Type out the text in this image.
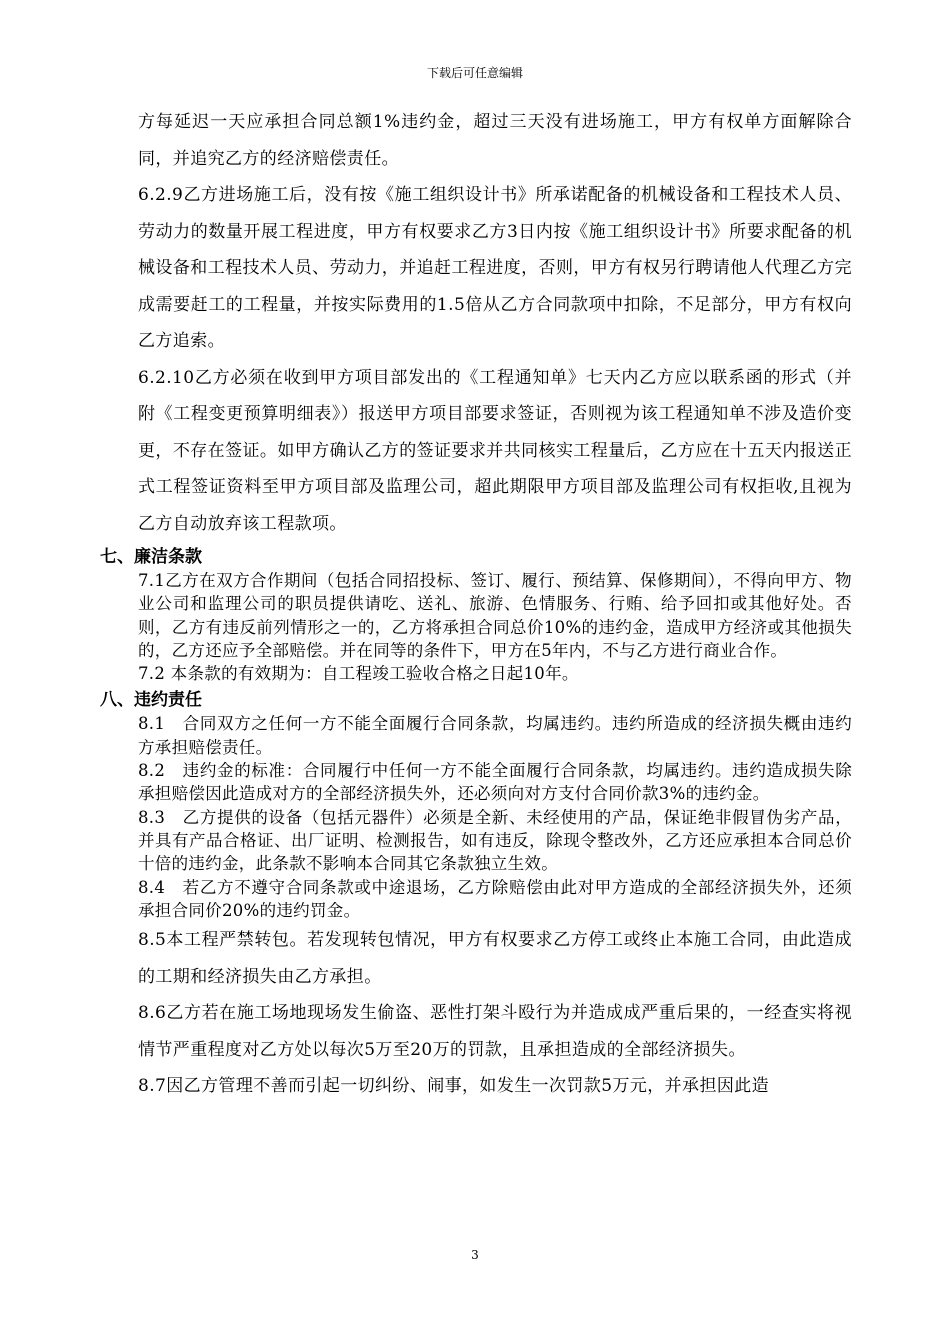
下载后可任意编辑

方每延迟一天应承担合同总额1%违约金，超过三天没有进场施工，甲方有权单方面解除合同，并追究乙方的经济赔偿责任。

6.2.9乙方进场施工后，没有按《施工组织设计书》所承诺配备的机械设备和工程技术人员、劳动力的数量开展工程进度，甲方有权要求乙方3日内按《施工组织设计书》所要求配备的机械设备和工程技术人员、劳动力，并追赶工程进度，否则，甲方有权另行聘请他人代理乙方完成需要赶工的工程量，并按实际费用的1.5倍从乙方合同款项中扣除，不足部分，甲方有权向乙方追索。

6.2.10乙方必须在收到甲方项目部发出的《工程通知单》七天内乙方应以联系函的形式（并附《工程变更预算明细表》）报送甲方项目部要求签证，否则视为该工程通知单不涉及造价变更，不存在签证。如甲方确认乙方的签证要求并共同核实工程量后，乙方应在十五天内报送正式工程签证资料至甲方项目部及监理公司，超此期限甲方项目部及监理公司有权拒收,且视为乙方自动放弃该工程款项。

七、廉洁条款

7.1乙方在双方合作期间（包括合同招投标、签订、履行、预结算、保修期间），不得向甲方、物业公司和监理公司的职员提供请吃、送礼、旅游、色情服务、行贿、给予回扣或其他好处。否则，乙方有违反前列情形之一的，乙方将承担合同总价10%的违约金，造成甲方经济或其他损失的，乙方还应予全部赔偿。并在同等的条件下，甲方在5年内，不与乙方进行商业合作。

7.2 本条款的有效期为：自工程竣工验收合格之日起10年。

八、违约责任

8.1　合同双方之任何一方不能全面履行合同条款，均属违约。违约所造成的经济损失概由违约方承担赔偿责任。

8.2　违约金的标准：合同履行中任何一方不能全面履行合同条款，均属违约。违约造成损失除承担赔偿因此造成对方的全部经济损失外，还必须向对方支付合同价款3%的违约金。

8.3　乙方提供的设备（包括元器件）必须是全新、未经使用的产品，保证绝非假冒伪劣产品，并具有产品合格证、出厂证明、检测报告，如有违反，除现令整改外，乙方还应承担本合同总价十倍的违约金，此条款不影响本合同其它条款独立生效。

8.4　若乙方不遵守合同条款或中途退场，乙方除赔偿由此对甲方造成的全部经济损失外，还须承担合同价20%的违约罚金。

8.5本工程严禁转包。若发现转包情况，甲方有权要求乙方停工或终止本施工合同，由此造成的工期和经济损失由乙方承担。

8.6乙方若在施工场地现场发生偷盗、恶性打架斗殴行为并造成成严重后果的，一经查实将视情节严重程度对乙方处以每次5万至20万的罚款，且承担造成的全部经济损失。

8.7因乙方管理不善而引起一切纠纷、闹事，如发生一次罚款5万元，并承担因此造

3
